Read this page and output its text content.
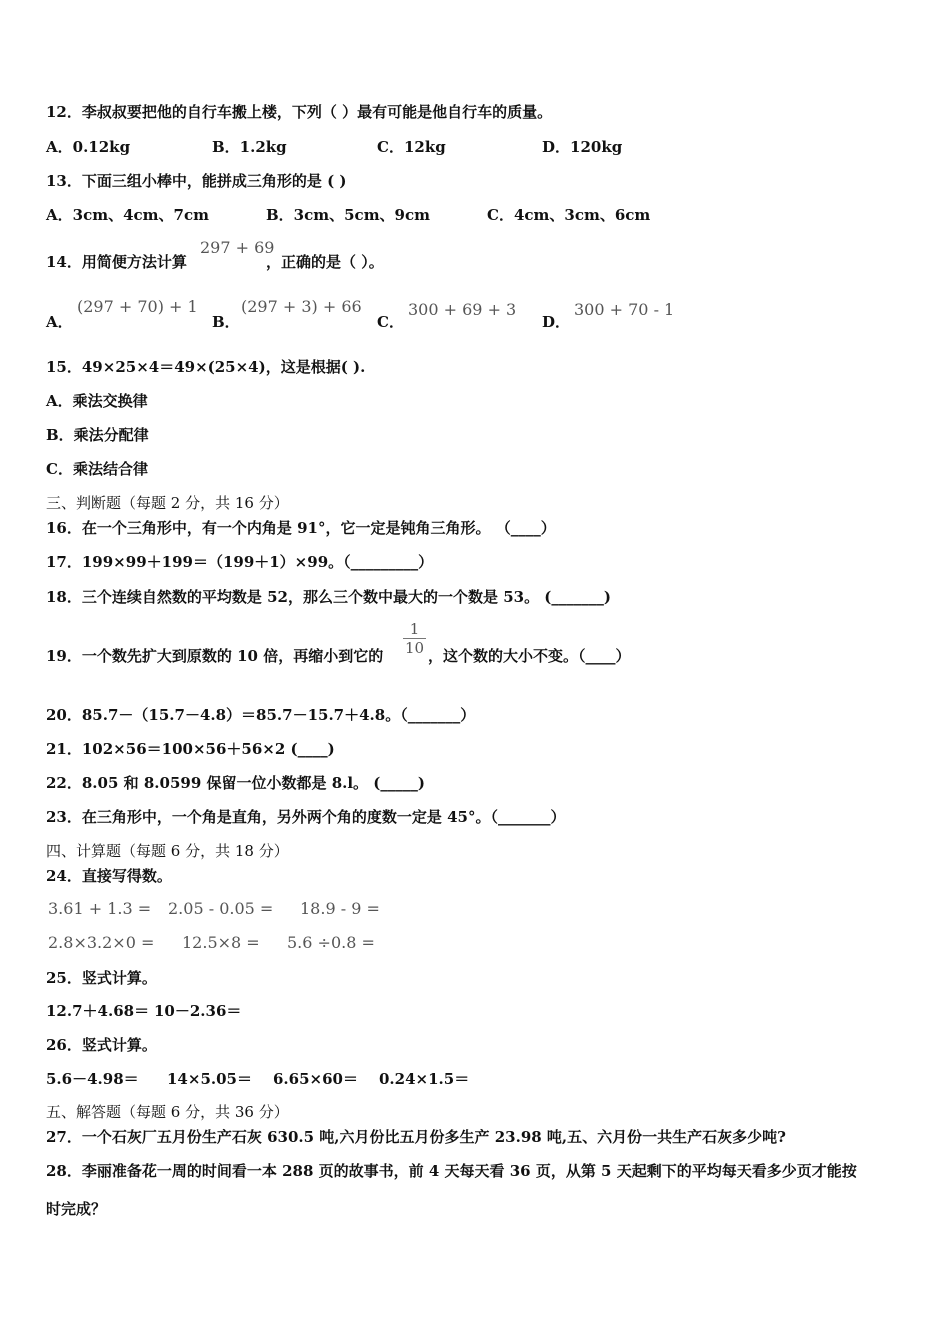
12．李叔叔要把他的自行车搬上楼，下列（ ）最有可能是他自行车的质量。
A．0.12kg	B．1.2kg	C．12kg	D．120kg
13．下面三组小棒中，能拼成三角形的是 ( )
A．3cm、4cm、7cm	B．3cm、5cm、9cm	C．4cm、3cm、6cm
14．用简便方法计算
297 + 69
，正确的是（ ）。
A．
(297 + 70) + 1
B．
(297 + 3) + 66
C．
300 + 69 + 3
D．
300 + 70 - 1
15．49×25×4＝49×(25×4)，这是根据( ).
A．乘法交换律
B．乘法分配律
C．乘法结合律
三、判断题（每题 2 分，共 16 分）
16．在一个三角形中，有一个内角是 91°，它一定是钝角三角形。 （____）
17．199×99＋199＝（199＋1）×99。（_________）
18．三个连续自然数的平均数是 52，那么三个数中最大的一个数是 53。 (_______)
19．一个数先扩大到原数的 10 倍，再缩小到它的 $\frac{1}{10}$ ，这个数的大小不变。（____）
20．85.7－（15.7－4.8）＝85.7－15.7＋4.8。（_______）
21．102×56＝100×56＋56×2 (____)
22．8.05 和 8.0599 保留一位小数都是 8.l。 (_____)
23．在三角形中，一个角是直角，另外两个角的度数一定是 45°。（_______）
四、计算题（每题 6 分，共 18 分）
24．直接写得数。
3.61 + 1.3 = 2.05 - 0.05 = 18.9 - 9 =
2.8×3.2×0 = 12.5×8 = 5.6 ÷0.8 =
25．竖式计算。
12.7＋4.68＝ 10－2.36＝
26．竖式计算。
5.6－4.98＝ 14×5.05＝ 6.65×60＝ 0.24×1.5＝
五、解答题（每题 6 分，共 36 分）
27．一个石灰厂五月份生产石灰 630.5 吨,六月份比五月份多生产 23.98 吨,五、六月份一共生产石灰多少吨?
28．李丽准备花一周的时间看一本 288 页的故事书，前 4 天每天看 36 页，从第 5 天起剩下的平均每天看多少页才能按
时完成？
